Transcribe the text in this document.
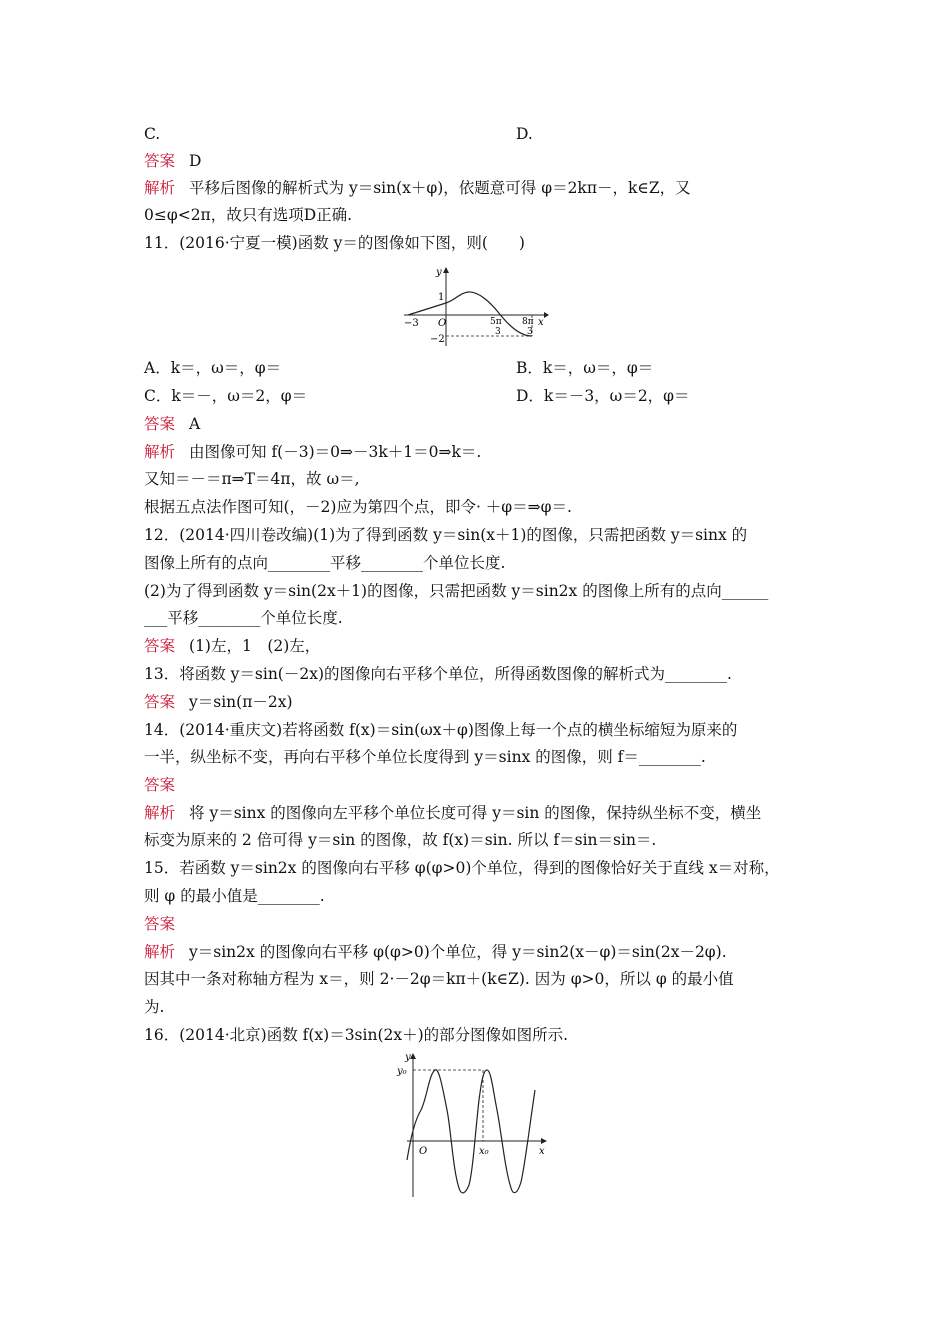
C.	D.
答案 D
解析 平移后图像的解析式为 y＝sin(x＋φ)，依题意可得 φ＝2kπ－，k∈Z，又
0≤φ<2π，故只有选项D正确.
11．(2016·宁夏一模)函数 y＝的图像如下图，则(　　)
y
1
−3 O	5π 8π
3	3
x
−2
A．k＝，ω＝，φ＝	B．k＝，ω＝，φ＝
C．k＝－，ω＝2，φ＝	D．k＝－3，ω＝2，φ＝
答案 A
解析 由图像可知 f(－3)＝0⇒－3k＋1＝0⇒k＝.
又知＝－＝π⇒T＝4π，故 ω＝,
根据五点法作图可知(，－2)应为第四个点，即令· ＋φ＝⇒φ＝.
12．(2014·四川卷改编)(1)为了得到函数 y＝sin(x＋1)的图像，只需把函数 y＝sinx 的
图像上所有的点向________平移________个单位长度.
(2)为了得到函数 y＝sin(2x＋1)的图像，只需把函数 y＝sin2x 的图像上所有的点向______
___平移________个单位长度.
答案 (1)左，1　(2)左，
13．将函数 y＝sin(－2x)的图像向右平移个单位，所得函数图像的解析式为________.
答案 y＝sin(π－2x)
14．(2014·重庆文)若将函数 f(x)＝sin(ωx＋φ)图像上每一个点的横坐标缩短为原来的
一半，纵坐标不变，再向右平移个单位长度得到 y＝sinx 的图像，则 f＝________.
答案
解析 将 y＝sinx 的图像向左平移个单位长度可得 y＝sin 的图像，保持纵坐标不变，横坐
标变为原来的 2 倍可得 y＝sin 的图像，故 f(x)＝sin. 所以 f＝sin＝sin＝.
15．若函数 y＝sin2x 的图像向右平移 φ(φ>0)个单位，得到的图像恰好关于直线 x＝对称，
则 φ 的最小值是________.
答案
解析 y＝sin2x 的图像向右平移 φ(φ>0)个单位，得 y＝sin2(x－φ)＝sin(2x－2φ).
因其中一条对称轴方程为 x＝，则 2·－2φ＝kπ＋(k∈Z). 因为 φ>0，所以 φ 的最小值
为.
16．(2014·北京)函数 f(x)＝3sin(2x＋)的部分图像如图所示.
y
y₀
O	x₀	x
